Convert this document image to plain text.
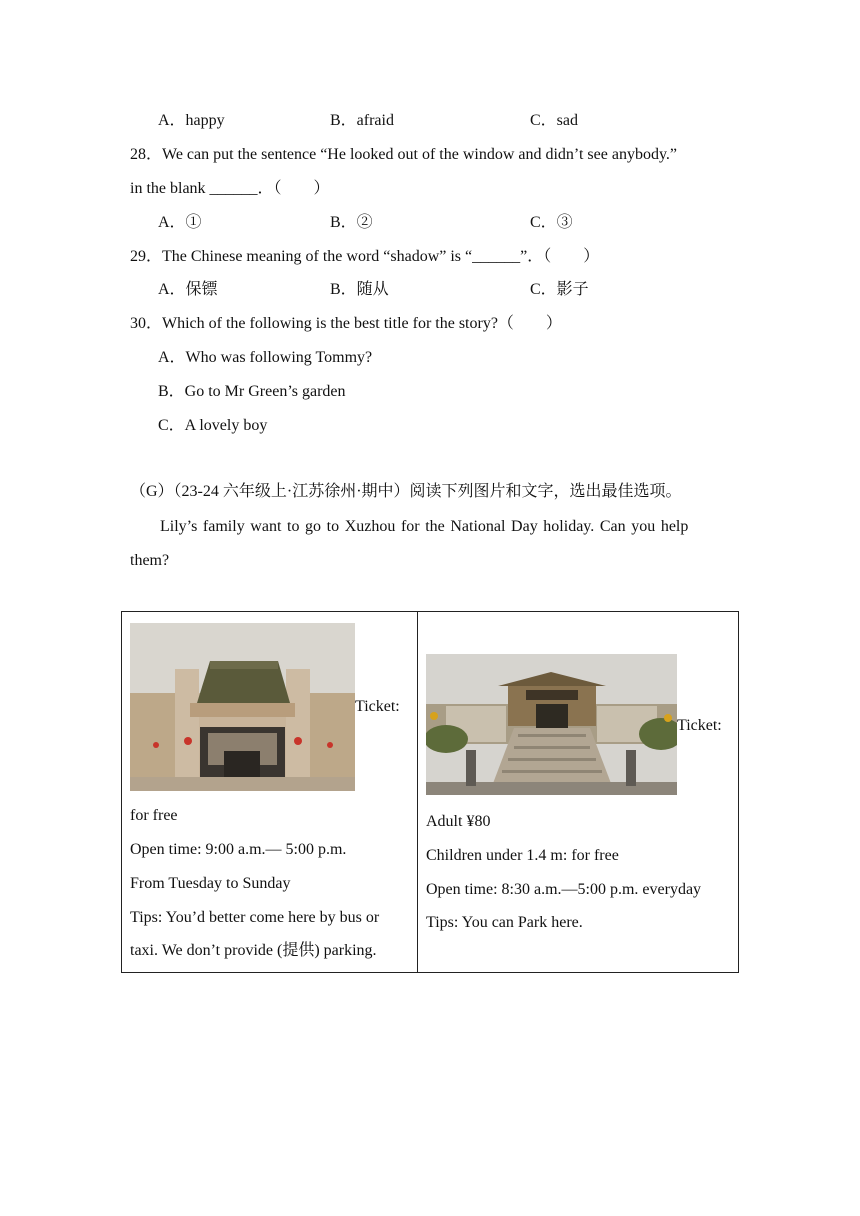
A．happy	B．afraid	C．sad
28．We can put the sentence “He looked out of the window and didn’t see anybody.”
in the blank ______．（　　）
A．①	B．②	C．③
29．The Chinese meaning of the word “shadow” is “______”．（　　）
A．保镖	B．随从	C．影子
30．Which of the following is the best title for the story?（　　）
A．Who was following Tommy?
B．Go to Mr Green’s garden
C．A lovely boy
（G）（23-24 六年级上·江苏徐州·期中）阅读下列图片和文字，选出最佳选项。
Lily’s family want to go to Xuzhou for the National Day holiday. Can you help
them?
Ticket:
for free
Open time: 9:00 a.m.— 5:00 p.m.
From Tuesday to Sunday
Tips: You’d better come here by bus or
taxi. We don’t provide (提供) parking.
Ticket:
Adult ¥80
Children under 1.4 m: for free
Open time: 8:30 a.m.—5:00 p.m. everyday
Tips: You can Park here.
